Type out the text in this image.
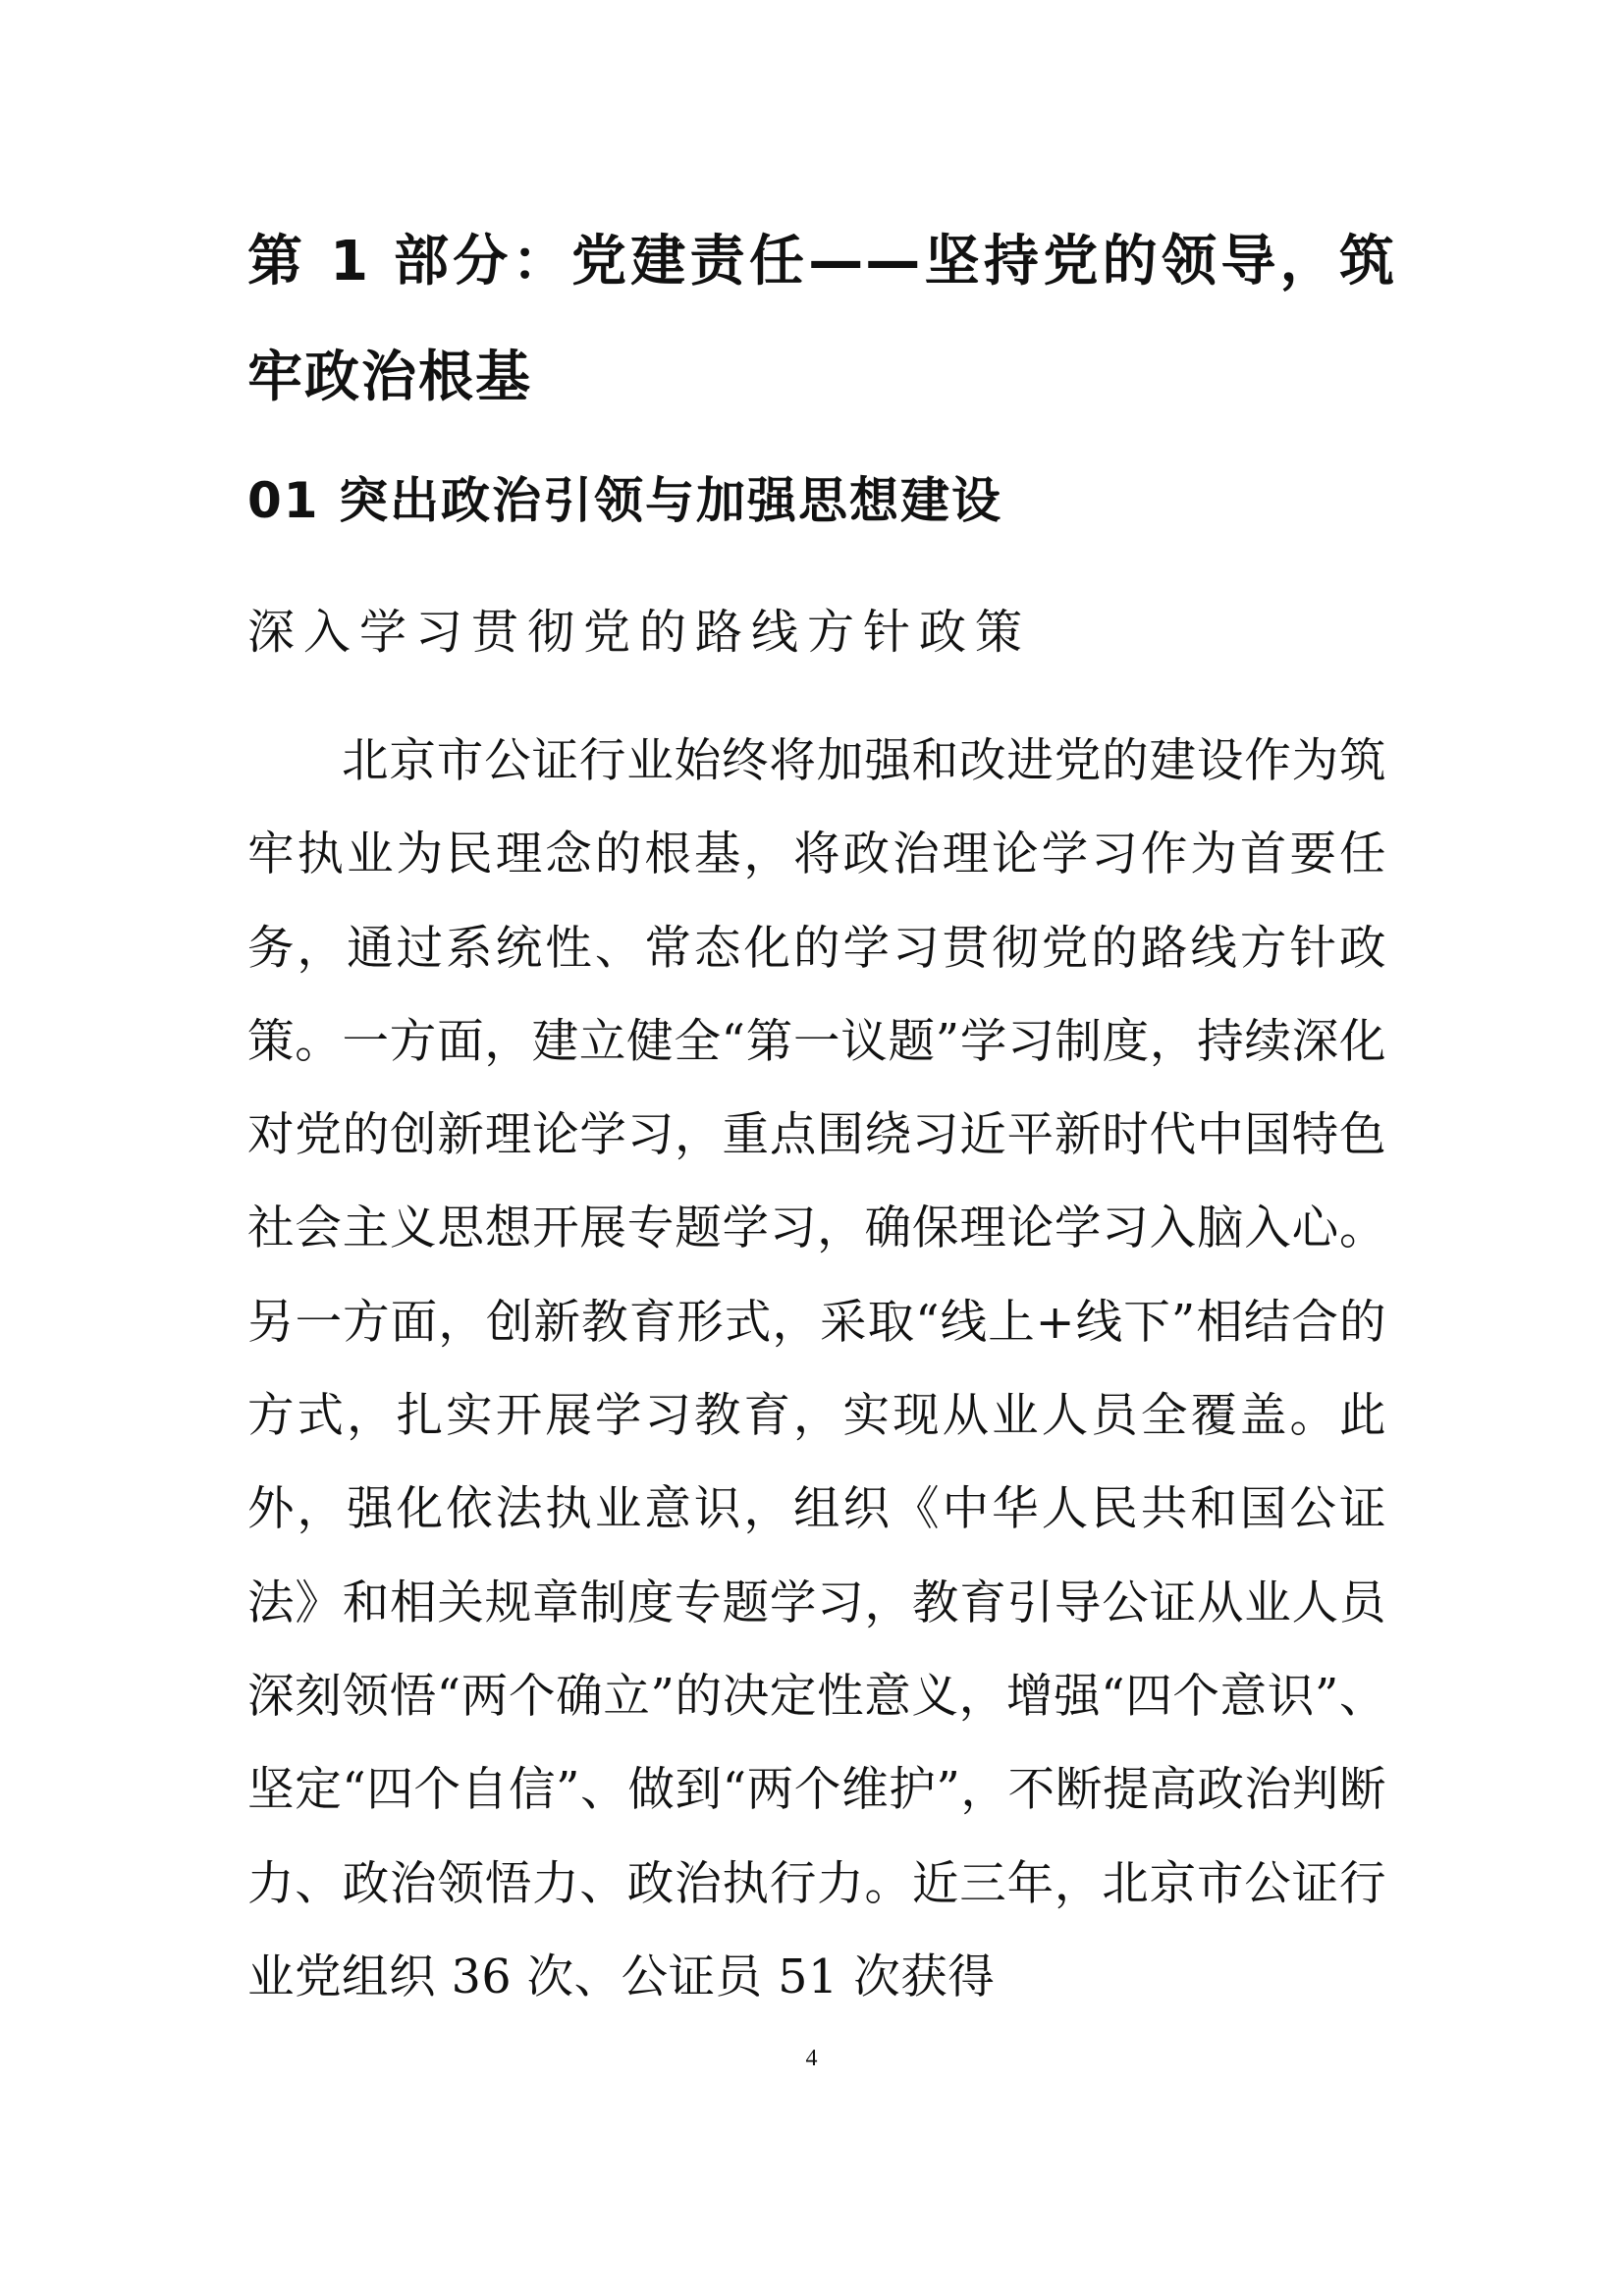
第 1 部分：党建责任——坚持党的领导，筑牢政治根基
01 突出政治引领与加强思想建设
深入学习贯彻党的路线方针政策

北京市公证行业始终将加强和改进党的建设作为筑牢执业为民理念的根基，将政治理论学习作为首要任务，通过系统性、常态化的学习贯彻党的路线方针政策。一方面，建立健全“第一议题”学习制度，持续深化对党的创新理论学习，重点围绕习近平新时代中国特色社会主义思想开展专题学习，确保理论学习入脑入心。另一方面，创新教育形式，采取“线上+线下”相结合的方式，扎实开展学习教育，实现从业人员全覆盖。此外，强化依法执业意识，组织《中华人民共和国公证法》和相关规章制度专题学习，教育引导公证从业人员深刻领悟“两个确立”的决定性意义，增强“四个意识”、坚定“四个自信”、做到“两个维护”，不断提高政治判断力、政治领悟力、政治执行力。近三年，北京市公证行业党组织 36 次、公证员 51 次获得

4
